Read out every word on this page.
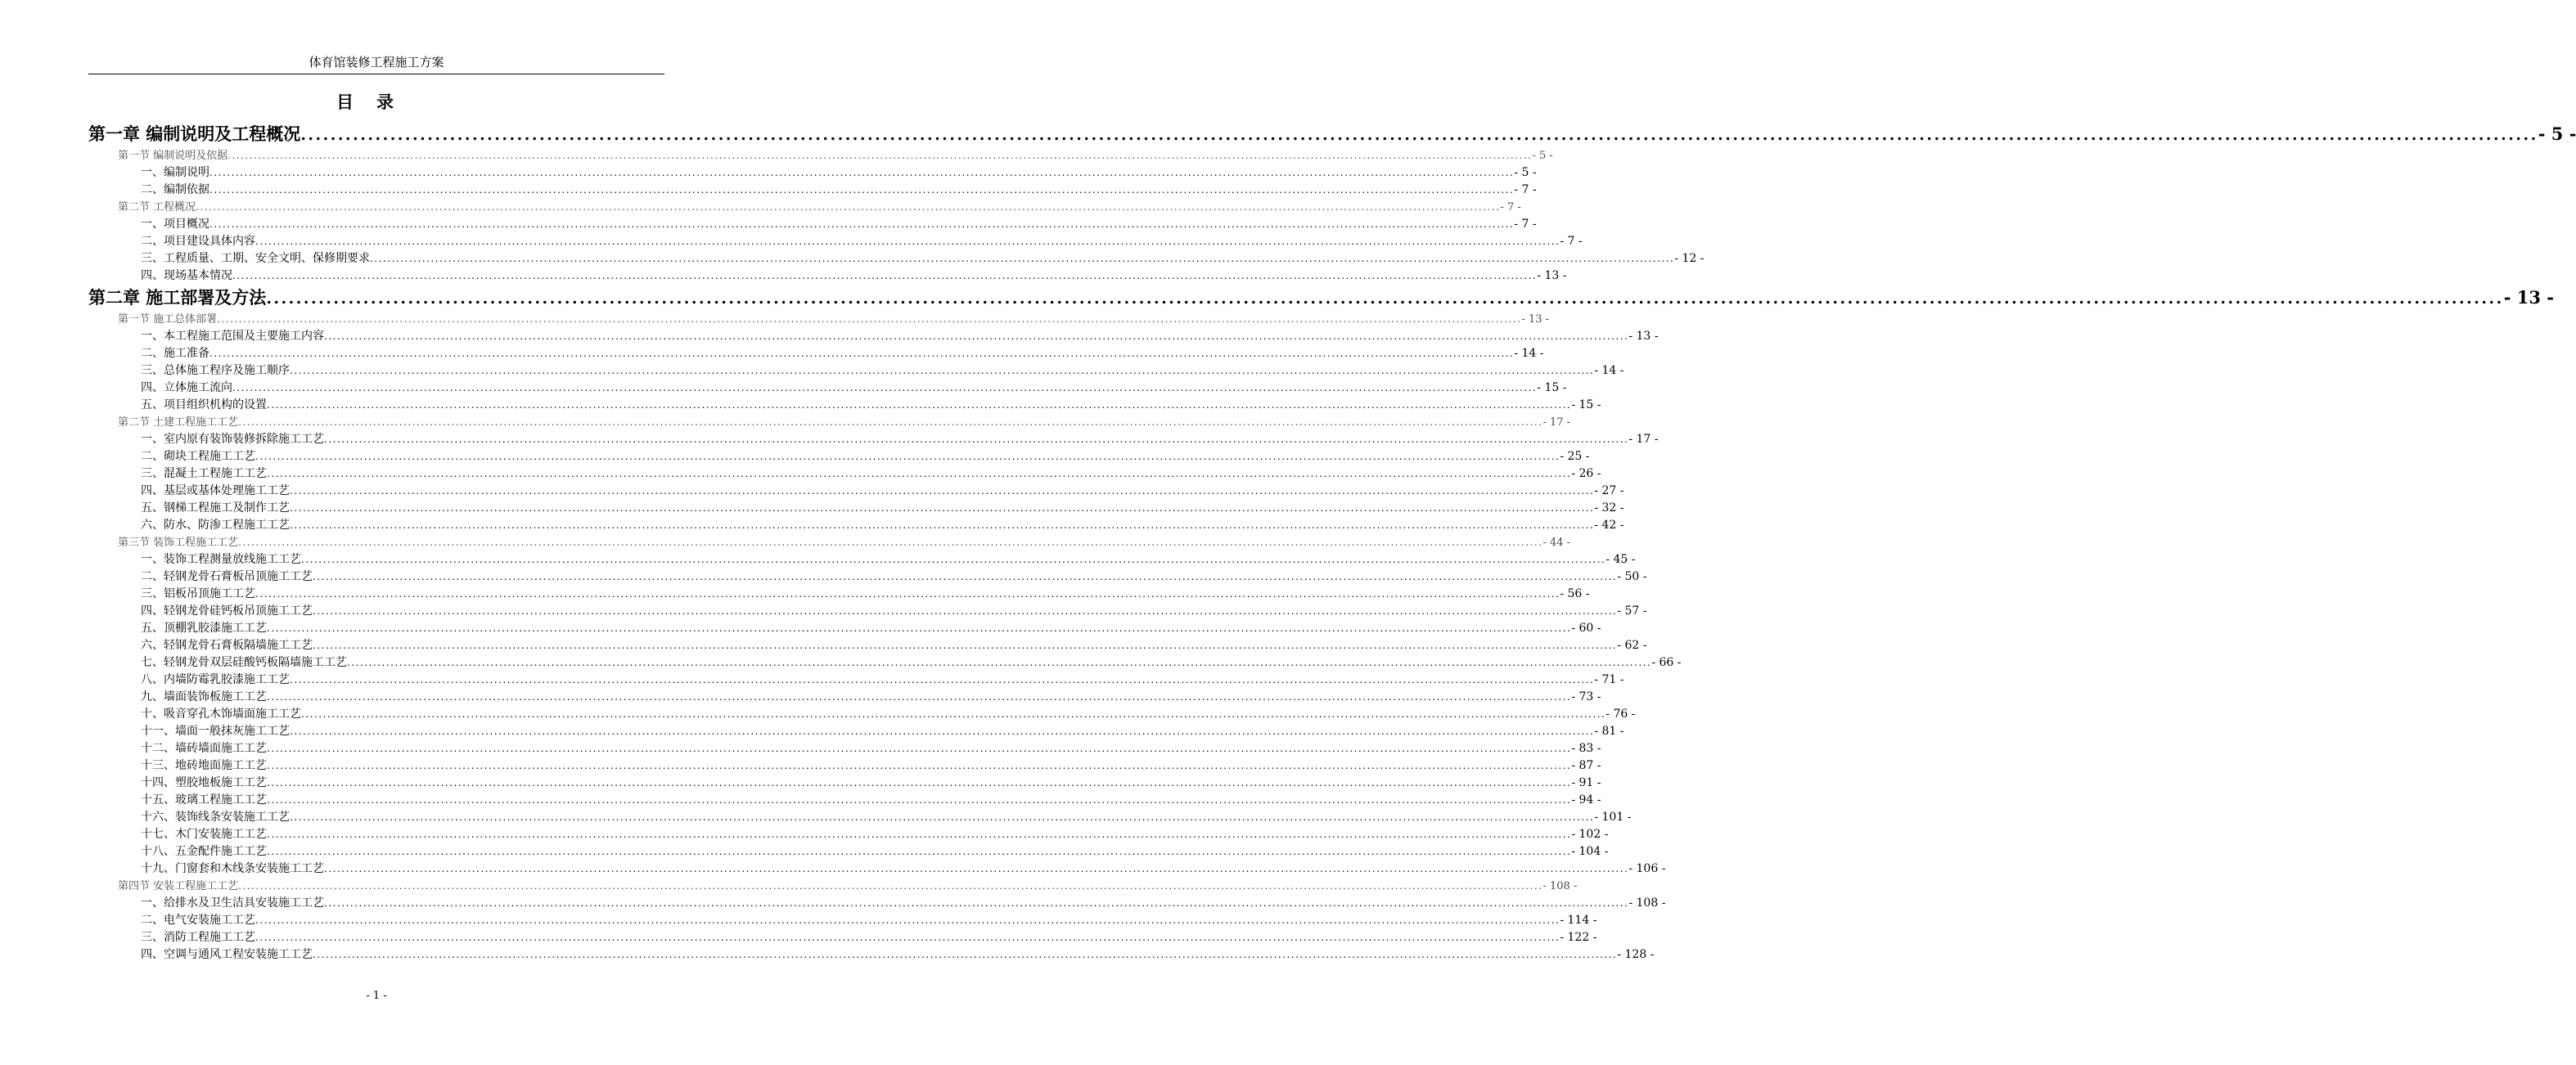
体育馆装修工程施工方案
目录
第一章 编制说明及工程概况 ............................................................................................................................................................................................................................................................................................................ - 5 -
第一节 编制说明及依据 ............................................................................................................................................................................................................................................................................................................ - 5 -
一、编制说明 ............................................................................................................................................................................................................................................................................................................ - 5 -
二、编制依据 ............................................................................................................................................................................................................................................................................................................ - 7 -
第二节 工程概况 ............................................................................................................................................................................................................................................................................................................ - 7 -
一、项目概况 ............................................................................................................................................................................................................................................................................................................ - 7 -
二、项目建设具体内容 ............................................................................................................................................................................................................................................................................................................ - 7 -
三、工程质量、工期、安全文明、保修期要求 ............................................................................................................................................................................................................................................................................................................ - 12 -
四、现场基本情况 ............................................................................................................................................................................................................................................................................................................ - 13 -
第二章 施工部署及方法 ............................................................................................................................................................................................................................................................................................................ - 13 -
第一节 施工总体部署 ............................................................................................................................................................................................................................................................................................................ - 13 -
一、本工程施工范围及主要施工内容 ............................................................................................................................................................................................................................................................................................................ - 13 -
二、施工准备 ............................................................................................................................................................................................................................................................................................................ - 14 -
三、总体施工程序及施工顺序 ............................................................................................................................................................................................................................................................................................................ - 14 -
四、立体施工流向 ............................................................................................................................................................................................................................................................................................................ - 15 -
五、项目组织机构的设置 ............................................................................................................................................................................................................................................................................................................ - 15 -
第二节 土建工程施工工艺 ............................................................................................................................................................................................................................................................................................................ - 17 -
一、室内原有装饰装修拆除施工工艺 ............................................................................................................................................................................................................................................................................................................ - 17 -
二、砌块工程施工工艺 ............................................................................................................................................................................................................................................................................................................ - 25 -
三、混凝土工程施工工艺 ............................................................................................................................................................................................................................................................................................................ - 26 -
四、基层或基体处理施工工艺 ............................................................................................................................................................................................................................................................................................................ - 27 -
五、钢梯工程施工及制作工艺 ............................................................................................................................................................................................................................................................................................................ - 32 -
六、防水、防渗工程施工工艺 ............................................................................................................................................................................................................................................................................................................ - 42 -
第三节 装饰工程施工工艺 ............................................................................................................................................................................................................................................................................................................ - 44 -
一、装饰工程测量放线施工工艺 ............................................................................................................................................................................................................................................................................................................ - 45 -
二、轻钢龙骨石膏板吊顶施工工艺 ............................................................................................................................................................................................................................................................................................................ - 50 -
三、铝板吊顶施工工艺 ............................................................................................................................................................................................................................................................................................................ - 56 -
四、轻钢龙骨硅钙板吊顶施工工艺 ............................................................................................................................................................................................................................................................................................................ - 57 -
五、顶棚乳胶漆施工工艺 ............................................................................................................................................................................................................................................................................................................ - 60 -
六、轻钢龙骨石膏板隔墙施工工艺 ............................................................................................................................................................................................................................................................................................................ - 62 -
七、轻钢龙骨双层硅酸钙板隔墙施工工艺 ............................................................................................................................................................................................................................................................................................................ - 66 -
八、内墙防霉乳胶漆施工工艺 ............................................................................................................................................................................................................................................................................................................ - 71 -
九、墙面装饰板施工工艺 ............................................................................................................................................................................................................................................................................................................ - 73 -
十、吸音穿孔木饰墙面施工工艺 ............................................................................................................................................................................................................................................................................................................ - 76 -
十一、墙面一般抹灰施工工艺 ............................................................................................................................................................................................................................................................................................................ - 81 -
十二、墙砖墙面施工工艺 ............................................................................................................................................................................................................................................................................................................ - 83 -
十三、地砖地面施工工艺 ............................................................................................................................................................................................................................................................................................................ - 87 -
十四、塑胶地板施工工艺 ............................................................................................................................................................................................................................................................................................................ - 91 -
十五、玻璃工程施工工艺 ............................................................................................................................................................................................................................................................................................................ - 94 -
十六、装饰线条安装施工工艺 ............................................................................................................................................................................................................................................................................................................ - 101 -
十七、木门安装施工工艺 ............................................................................................................................................................................................................................................................................................................ - 102 -
十八、五金配件施工工艺 ............................................................................................................................................................................................................................................................................................................ - 104 -
十九、门窗套和木线条安装施工工艺 ............................................................................................................................................................................................................................................................................................................ - 106 -
第四节 安装工程施工工艺 ............................................................................................................................................................................................................................................................................................................ - 108 -
一、给排水及卫生洁具安装施工工艺 ............................................................................................................................................................................................................................................................................................................ - 108 -
二、电气安装施工工艺 ............................................................................................................................................................................................................................................................................................................ - 114 -
三、消防工程施工工艺 ............................................................................................................................................................................................................................................................................................................ - 122 -
四、空调与通风工程安装施工工艺 ............................................................................................................................................................................................................................................................................................................ - 128 -
- 1 -
